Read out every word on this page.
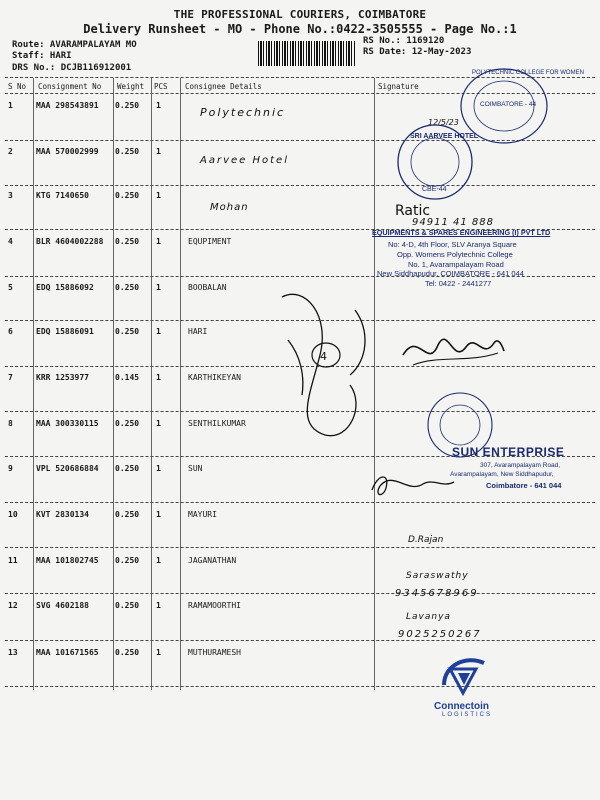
THE PROFESSIONAL COURIERS, COIMBATORE
Delivery Runsheet - MO - Phone No.:0422-3505555 - Page No.:1
Route: AVARAMPALAYAM MO
Staff: HARI
DRS No.: DCJB116912001
RS No.: 1169120
RS Date: 12-May-2023
S No Consignment No Weight PCS Consignee Details	Signature
1	MAA 298543891 0.250 1
2	MAA 570002999 0.250 1
3	KTG 7140650	0.250 1
4	BLR 4604002288 0.250 1	EQUPIMENT
5	EDQ 15886092	0.250 1	BOOBALAN
6	EDQ 15886091	0.250 1	HARI
7	KRR 1253977	0.145 1	KARTHIKEYAN
8	MAA 300330115 0.250 1	SENTHILKUMAR
9	VPL 520686884 0.250 1	SUN
10 KVT 2830134	0.250 1	MAYURI
11 MAA 101802745 0.250 1	JAGANATHAN
12 SVG 4602188	0.250 1	RAMAMOORTHI
13 MAA 101671565 0.250 1	MUTHURAMESH
Polytechnic
Aarvee Hotel
Mohan
4
POLYTECHNIC COLLEGE FOR WOMEN
COIMBATORE - 44
12/5/23
SRI AARVEE HOTEL
CBE-44
Ratic
94911 41 888
EQUIPMENTS & SPARES ENGINEERING (I) PVT LTD
No: 4-D, 4th Floor, SLV Aranya Square
Opp. Womens Polytechnic College
No. 1, Avarampalayam Road
New Siddhapudur, COIMBATORE - 641 044
Tel: 0422 - 2441277
SUN ENTERPRISE
307, Avarampalayam Road,
Avarampalayam, New Siddhapudur,
Coimbatore - 641 044
D.Rajan
Saraswathy
9345678969
Lavanya
9025250267
Connectoin
LOGISTICS
